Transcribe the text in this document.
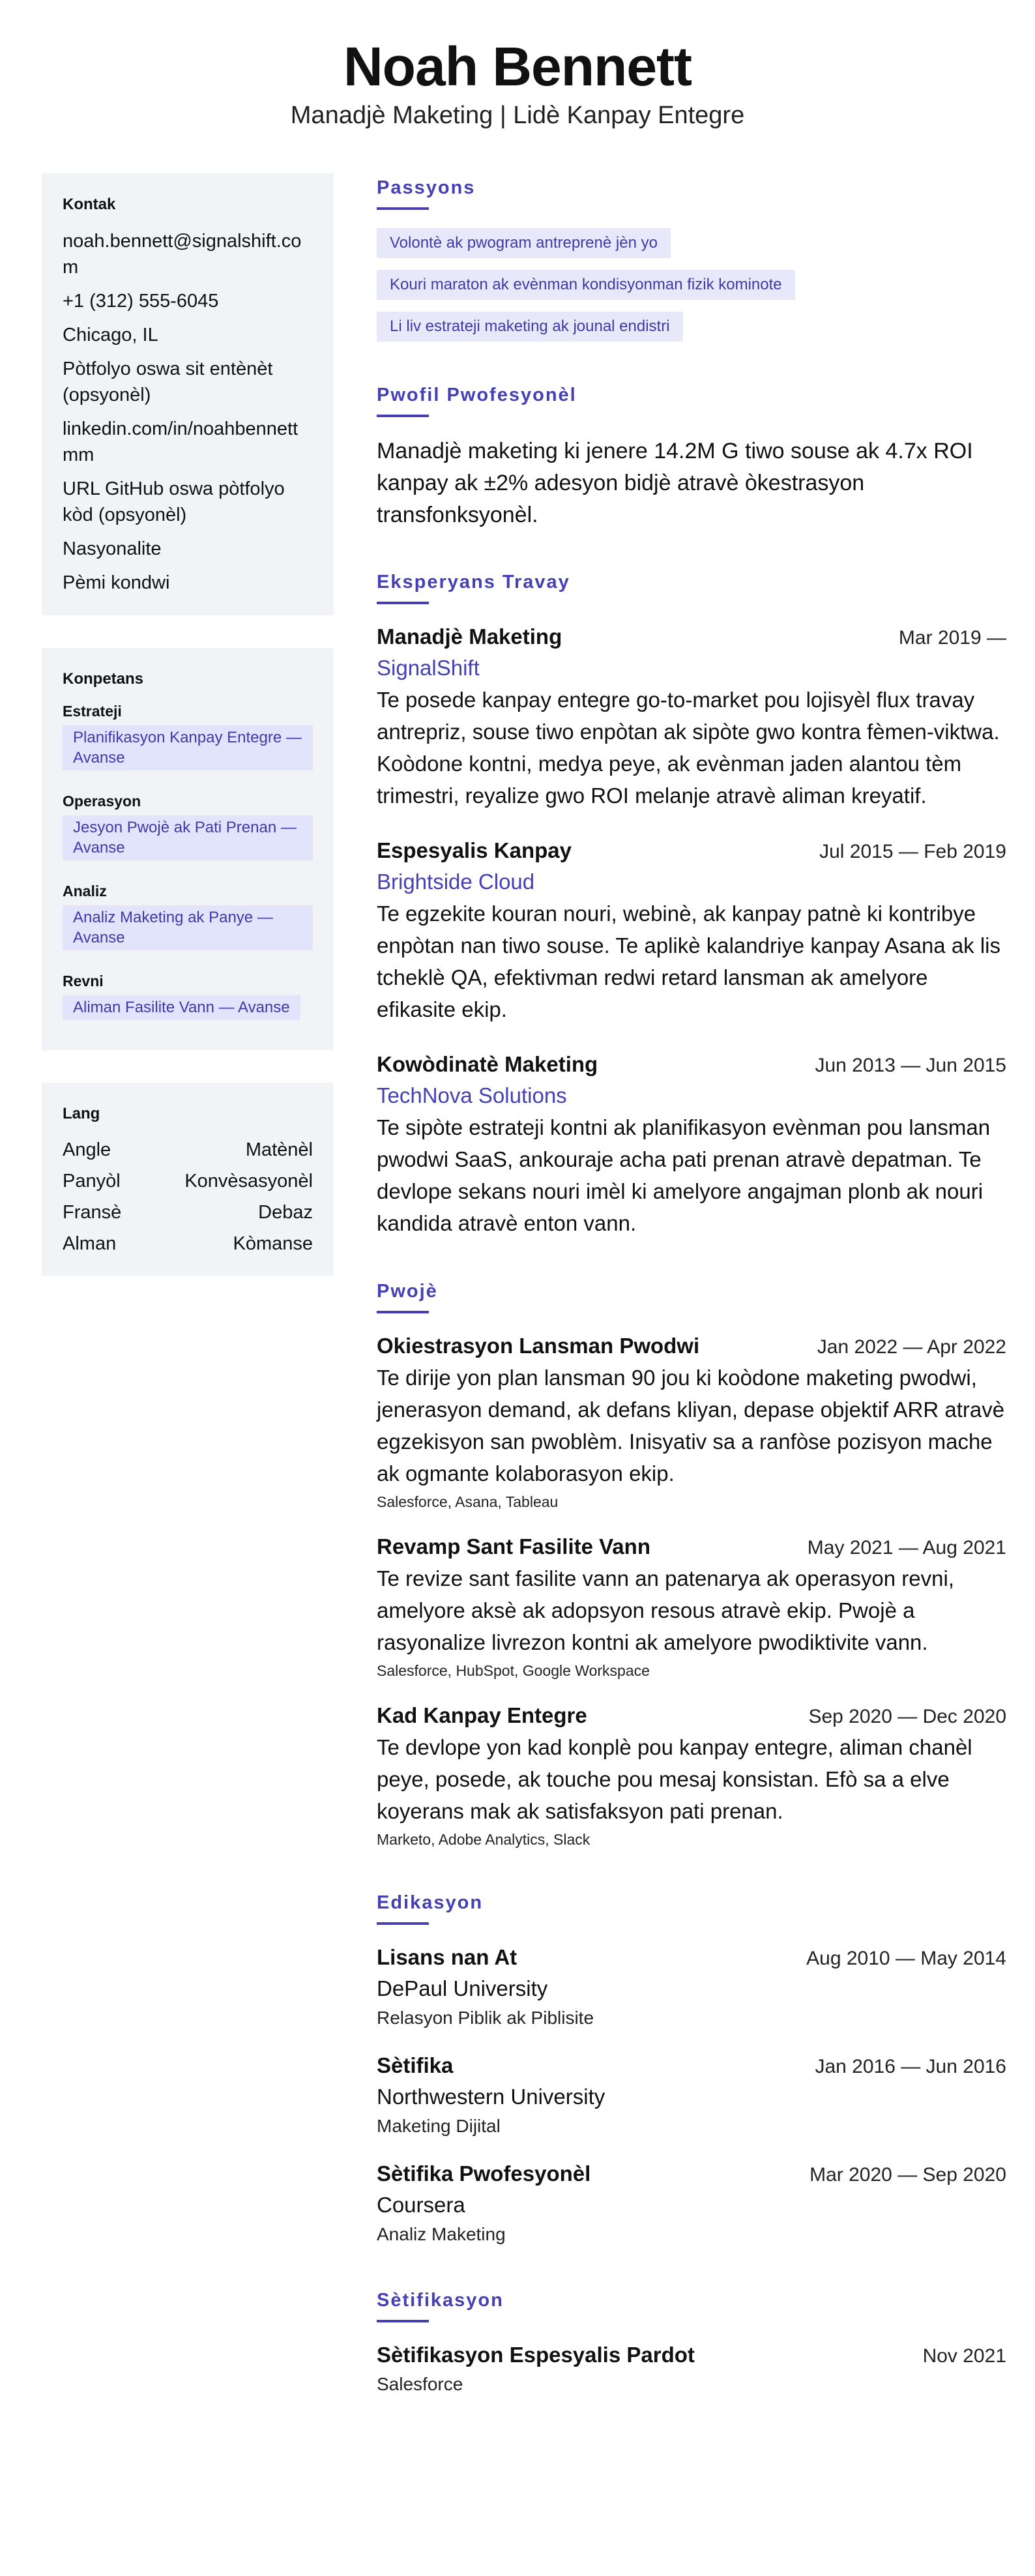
Noah Bennett
Manadjè Maketing | Lidè Kanpay Entegre
Kontak
noah.bennett@signalshift.com
+1 (312) 555-6045
Chicago, IL
Pòtfolyo oswa sit entènèt (opsyonèl)
linkedin.com/in/noahbennettmm
URL GitHub oswa pòtfolyo kòd (opsyonèl)
Nasyonalite
Pèmi kondwi
Konpetans
Estrateji
Planifikasyon Kanpay Entegre — Avanse
Operasyon
Jesyon Pwojè ak Pati Prenan — Avanse
Analiz
Analiz Maketing ak Panye — Avanse
Revni
Aliman Fasilite Vann — Avanse
Lang
Angle	Matènèl
Panyòl	Konvèsasyonèl
Fransè	Debaz
Alman	Kòmanse
Passyons
Volontè ak pwogram antreprenè jèn yo
Kouri maraton ak evènman kondisyonman fizik kominote
Li liv estrateji maketing ak jounal endistri
Pwofil Pwofesyonèl
Manadjè maketing ki jenere 14.2M G tiwo souse ak 4.7x ROI kanpay ak ±2% adesyon bidjè atravè òkestrasyon transfonksyonèl.
Eksperyans Travay
Manadjè Maketing	Mar 2019 —
SignalShift
Te posede kanpay entegre go-to-market pou lojisyèl flux travay antrepriz, souse tiwo enpòtan ak sipòte gwo kontra fèmen-viktwa. Koòdone kontni, medya peye, ak evènman jaden alantou tèm trimestri, reyalize gwo ROI melanje atravè aliman kreyatif.
Espesyalis Kanpay	Jul 2015 — Feb 2019
Brightside Cloud
Te egzekite kouran nouri, webinè, ak kanpay patnè ki kontribye enpòtan nan tiwo souse. Te aplikè kalandriye kanpay Asana ak lis tcheklè QA, efektivman redwi retard lansman ak amelyore efikasite ekip.
Kowòdinatè Maketing	Jun 2013 — Jun 2015
TechNova Solutions
Te sipòte estrateji kontni ak planifikasyon evènman pou lansman pwodwi SaaS, ankouraje acha pati prenan atravè depatman. Te devlope sekans nouri imèl ki amelyore angajman plonb ak nouri kandida atravè enton vann.
Pwojè
Okiestrasyon Lansman Pwodwi	Jan 2022 — Apr 2022
Te dirije yon plan lansman 90 jou ki koòdone maketing pwodwi, jenerasyon demand, ak defans kliyan, depase objektif ARR atravè egzekisyon san pwoblèm. Inisyativ sa a ranfòse pozisyon mache ak ogmante kolaborasyon ekip.
Salesforce, Asana, Tableau
Revamp Sant Fasilite Vann	May 2021 — Aug 2021
Te revize sant fasilite vann an patenarya ak operasyon revni, amelyore aksè ak adopsyon resous atravè ekip. Pwojè a rasyonalize livrezon kontni ak amelyore pwodiktivite vann.
Salesforce, HubSpot, Google Workspace
Kad Kanpay Entegre	Sep 2020 — Dec 2020
Te devlope yon kad konplè pou kanpay entegre, aliman chanèl peye, posede, ak touche pou mesaj konsistan. Efò sa a elve koyerans mak ak satisfaksyon pati prenan.
Marketo, Adobe Analytics, Slack
Edikasyon
Lisans nan At	Aug 2010 — May 2014
DePaul University
Relasyon Piblik ak Piblisite
Sètifika	Jan 2016 — Jun 2016
Northwestern University
Maketing Dijital
Sètifika Pwofesyonèl	Mar 2020 — Sep 2020
Coursera
Analiz Maketing
Sètifikasyon
Sètifikasyon Espesyalis Pardot	Nov 2021
Salesforce
